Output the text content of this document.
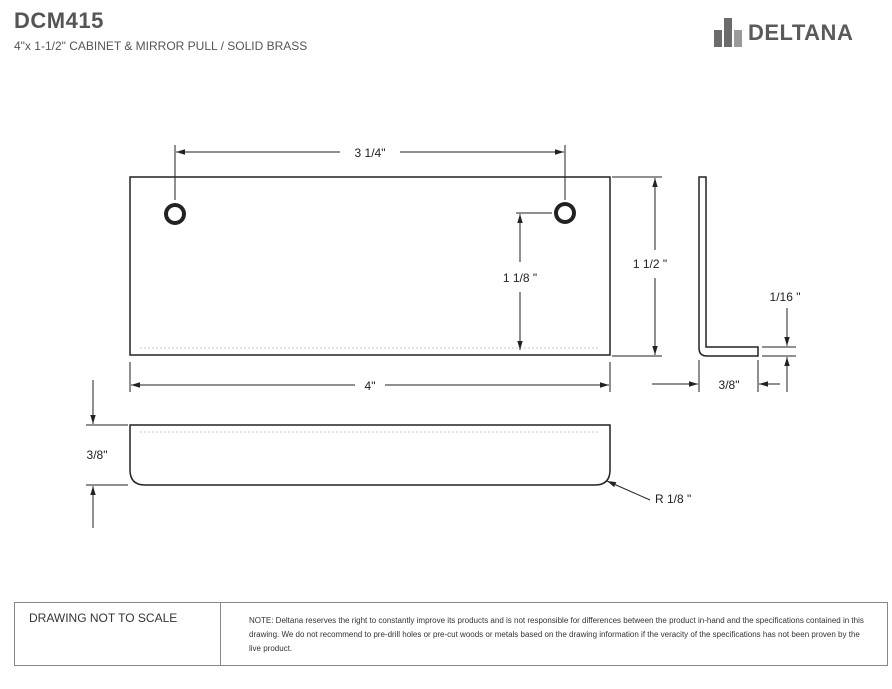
DCM415
4"x 1-1/2" CABINET & MIRROR PULL / SOLID BRASS
DELTANA
3 1/4"
1 1/8 "
1 1/2 "
4"
1/16 "
3/8"
3/8"
R 1/8 "
DRAWING NOT TO SCALE	NOTE: Deltana reserves the right to constantly improve its products and is not responsible for differences between the product in-hand and the specifications contained in this drawing. We do not recommend to pre-drill holes or pre-cut woods or metals based on the drawing information if the veracity of the specifications has not been proven by the live product.
